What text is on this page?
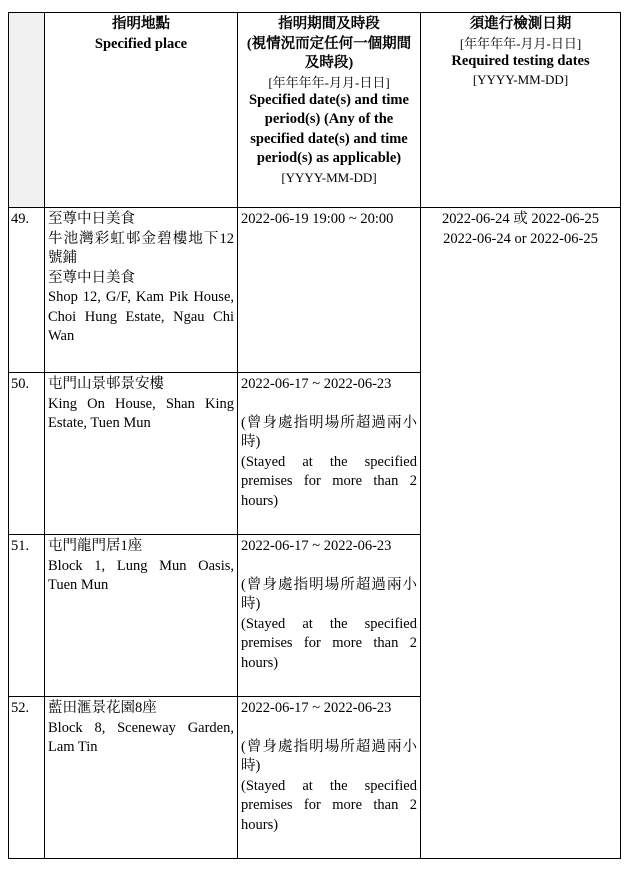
	指明地點
Specified place	指明期間及時段
(視情況而定任何一個期間及時段)
[年年年年-月月-日日]
Specified date(s) and time period(s) (Any of the specified date(s) and time period(s) as applicable)
[YYYY-MM-DD]	須進行檢測日期
[年年年年-月月-日日]
Required testing dates
[YYYY-MM-DD]

49.	至尊中日美食
牛池灣彩虹邨金碧樓地下12號鋪
至尊中日美食
Shop 12, G/F, Kam Pik House, Choi Hung Estate, Ngau Chi Wan	2022-06-19 19:00 ~ 20:00	2022-06-24 或 2022-06-25
2022-06-24 or 2022-06-25

50.	屯門山景邨景安樓
King On House, Shan King Estate, Tuen Mun	2022-06-17 ~ 2022-06-23
(曾身處指明場所超過兩小時)
(Stayed at the specified premises for more than 2 hours)	

51.	屯門龍門居1座
Block 1, Lung Mun Oasis, Tuen Mun	2022-06-17 ~ 2022-06-23
(曾身處指明場所超過兩小時)
(Stayed at the specified premises for more than 2 hours)	

52.	藍田滙景花園8座
Block 8, Sceneway Garden, Lam Tin	2022-06-17 ~ 2022-06-23
(曾身處指明場所超過兩小時)
(Stayed at the specified premises for more than 2 hours)	
